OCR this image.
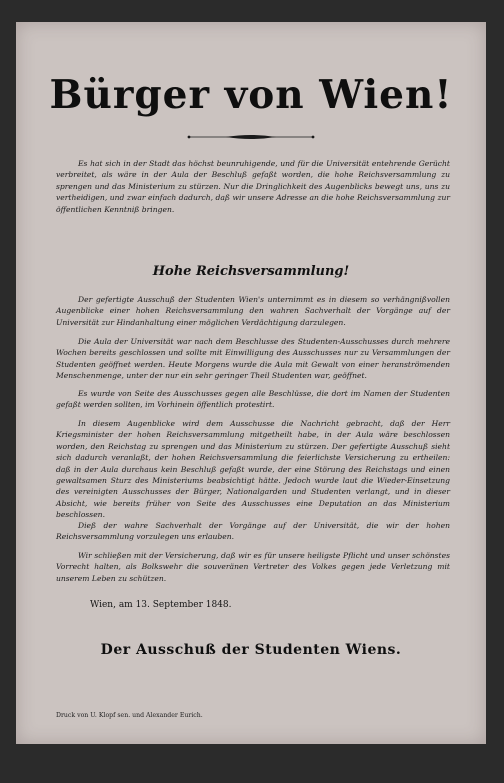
Bürger von Wien!

Es hat sich in der Stadt das höchst beunruhigende, und für die Universität entehrende Gerücht verbreitet, als wäre in der Aula der Beschluß gefaßt worden, die hohe Reichsversammlung zu sprengen und das Ministerium zu stürzen. Nur die Dringlichkeit des Augenblicks bewegt uns, uns zu vertheidigen, und zwar einfach dadurch, daß wir unsere Adresse an die hohe Reichsversammlung zur öffentlichen Kenntniß bringen.

Hohe Reichsversammlung!

Der gefertigte Ausschuß der Studenten Wien's unternimmt es in diesem so verhängnißvollen Augenblicke einer hohen Reichsversammlung den wahren Sachverhalt der Vorgänge auf der Universität zur Hindanhaltung einer möglichen Verdächtigung darzulegen.

Die Aula der Universität war nach dem Beschlusse des Studenten-Ausschusses durch mehrere Wochen bereits geschlossen und sollte mit Einwilligung des Ausschusses nur zu Versammlungen der Studenten geöffnet werden. Heute Morgens wurde die Aula mit Gewalt von einer heranströmenden Menschenmenge, unter der nur ein sehr geringer Theil Studenten war, geöffnet.

Es wurde von Seite des Ausschusses gegen alle Beschlüsse, die dort im Namen der Studenten gefaßt werden sollten, im Vorhinein öffentlich protestirt.

In diesem Augenblicke wird dem Ausschusse die Nachricht gebracht, daß der Herr Kriegsminister der hohen Reichsversammlung mitgetheilt habe, in der Aula wäre beschlossen worden, den Reichstag zu sprengen und das Ministerium zu stürzen. Der gefertigte Ausschuß sieht sich dadurch veranlaßt, der hohen Reichsversammlung die feierlichste Versicherung zu ertheilen: daß in der Aula durchaus kein Beschluß gefaßt wurde, der eine Störung des Reichstags und einen gewaltsamen Sturz des Ministeriums beabsichtigt hätte. Jedoch wurde laut die Wieder-Einsetzung des vereinigten Ausschusses der Bürger, Nationalgarden und Studenten verlangt, und in dieser Absicht, wie bereits früher von Seite des Ausschusses eine Deputation an das Ministerium beschlossen.

Dieß der wahre Sachverhalt der Vorgänge auf der Universität, die wir der hohen Reichsversammlung vorzulegen uns erlauben.

Wir schließen mit der Versicherung, daß wir es für unsere heiligste Pflicht und unser schönstes Vorrecht halten, als Bolkswehr die souveränen Vertreter des Volkes gegen jede Verletzung mit unserem Leben zu schützen.

Wien, am 13. September 1848.
Der Ausschuß der Studenten Wiens.
Druck von U. Klopf sen. und Alexander Eurich.
